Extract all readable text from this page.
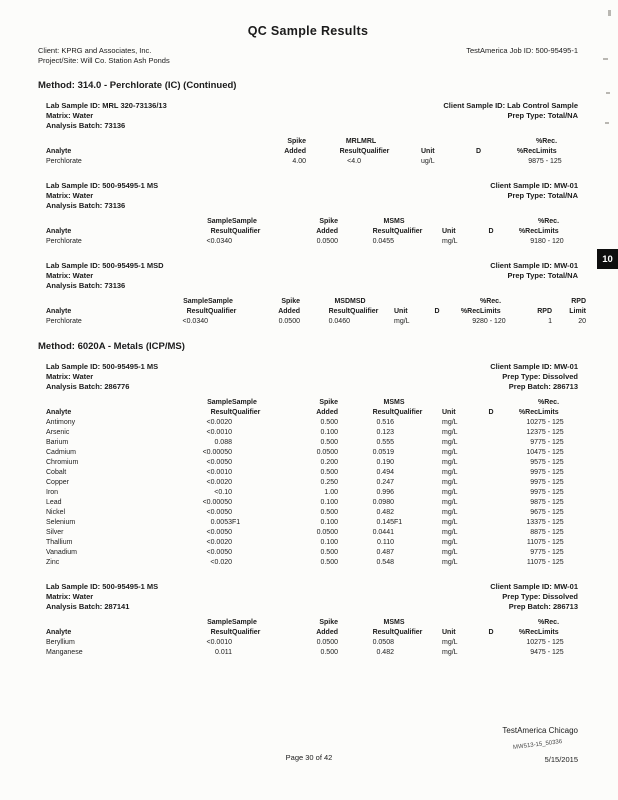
QC Sample Results
Client: KPRG and Associates, Inc.
Project/Site: Will Co. Station Ash Ponds
TestAmerica Job ID: 500-95495-1
Method: 314.0 - Perchlorate (IC) (Continued)
Lab Sample ID: MRL 320-73136/13	Client Sample ID: Lab Control Sample
Matrix: Water	Prep Type: Total/NA
Analysis Batch: 73136
	Spike	MRL	MRL				%Rec.
Analyte	Added	Result	Qualifier	Unit	D	%Rec	Limits
Perchlorate	4.00	<4.0		ug/L		98	75 - 125
Lab Sample ID: 500-95495-1 MS	Client Sample ID: MW-01
Matrix: Water	Prep Type: Total/NA
Analysis Batch: 73136
	Sample	Sample	Spike	MS	MS				%Rec.
Analyte	Result	Qualifier	Added	Result	Qualifier	Unit	D	%Rec	Limits
Perchlorate	<0.0340		0.0500	0.0455		mg/L		91	80 - 120
Lab Sample ID: 500-95495-1 MSD	Client Sample ID: MW-01
Matrix: Water	Prep Type: Total/NA
Analysis Batch: 73136
	Sample	Sample	Spike	MSD	MSD				%Rec.		RPD
Analyte	Result	Qualifier	Added	Result	Qualifier	Unit	D	%Rec	Limits	RPD	Limit
Perchlorate	<0.0340		0.0500	0.0460		mg/L		92	80 - 120	1	20
Method: 6020A - Metals (ICP/MS)
Lab Sample ID: 500-95495-1 MS	Client Sample ID: MW-01
Matrix: Water	Prep Type: Dissolved
Analysis Batch: 286776	Prep Batch: 286713
	Sample	Sample	Spike	MS	MS				%Rec.
Analyte	Result	Qualifier	Added	Result	Qualifier	Unit	D	%Rec	Limits
Antimony	<0.0020		0.500	0.516		mg/L		102	75 - 125
Arsenic	<0.0010		0.100	0.123		mg/L		123	75 - 125
Barium	0.088		0.500	0.555		mg/L		97	75 - 125
Cadmium	<0.00050		0.0500	0.0519		mg/L		104	75 - 125
Chromium	<0.0050		0.200	0.190		mg/L		95	75 - 125
Cobalt	<0.0010		0.500	0.494		mg/L		99	75 - 125
Copper	<0.0020		0.250	0.247		mg/L		99	75 - 125
Iron	<0.10		1.00	0.996		mg/L		99	75 - 125
Lead	<0.00050		0.100	0.0980		mg/L		98	75 - 125
Nickel	<0.0050		0.500	0.482		mg/L		96	75 - 125
Selenium	0.0053	F1	0.100	0.145	F1	mg/L		133	75 - 125
Silver	<0.0050		0.0500	0.0441		mg/L		88	75 - 125
Thallium	<0.0020		0.100	0.110		mg/L		110	75 - 125
Vanadium	<0.0050		0.500	0.487		mg/L		97	75 - 125
Zinc	<0.020		0.500	0.548		mg/L		110	75 - 125
Lab Sample ID: 500-95495-1 MS	Client Sample ID: MW-01
Matrix: Water	Prep Type: Dissolved
Analysis Batch: 287141	Prep Batch: 286713
	Sample	Sample	Spike	MS	MS				%Rec.
Analyte	Result	Qualifier	Added	Result	Qualifier	Unit	D	%Rec	Limits
Beryllium	<0.0010		0.0500	0.0508		mg/L		102	75 - 125
Manganese	0.011		0.500	0.482		mg/L		94	75 - 125
TestAmerica Chicago
MW513-15_50336
Page 30 of 42	5/15/2015
10
